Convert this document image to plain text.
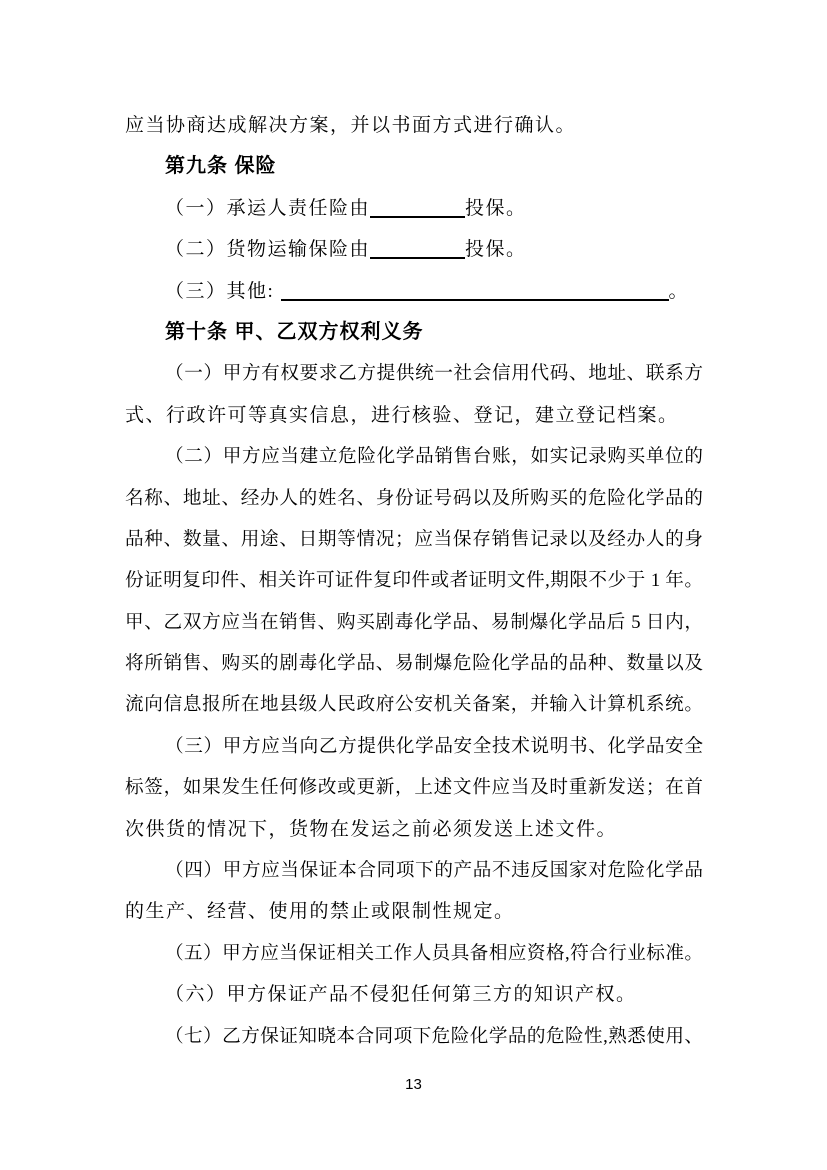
应当协商达成解决方案，并以书面方式进行确认。
第九条 保险
（一）承运人责任险由	投保。
（二）货物运输保险由	投保。
（三）其他:	。
第十条 甲、乙双方权利义务
（一）甲方有权要求乙方提供统一社会信用代码、地址、联系方
式、行政许可等真实信息，进行核验、登记，建立登记档案。
（二）甲方应当建立危险化学品销售台账，如实记录购买单位的
名称、地址、经办人的姓名、身份证号码以及所购买的危险化学品的
品种、数量、用途、日期等情况；应当保存销售记录以及经办人的身
份证明复印件、相关许可证件复印件或者证明文件,期限不少于 1 年。
甲、乙双方应当在销售、购买剧毒化学品、易制爆化学品后 5 日内，
将所销售、购买的剧毒化学品、易制爆危险化学品的品种、数量以及
流向信息报所在地县级人民政府公安机关备案，并输入计算机系统。
（三）甲方应当向乙方提供化学品安全技术说明书、化学品安全
标签，如果发生任何修改或更新，上述文件应当及时重新发送；在首
次供货的情况下，货物在发运之前必须发送上述文件。
（四）甲方应当保证本合同项下的产品不违反国家对危险化学品
的生产、经营、使用的禁止或限制性规定。
（五）甲方应当保证相关工作人员具备相应资格,符合行业标准。
（六）甲方保证产品不侵犯任何第三方的知识产权。
（七）乙方保证知晓本合同项下危险化学品的危险性,熟悉使用、
13
